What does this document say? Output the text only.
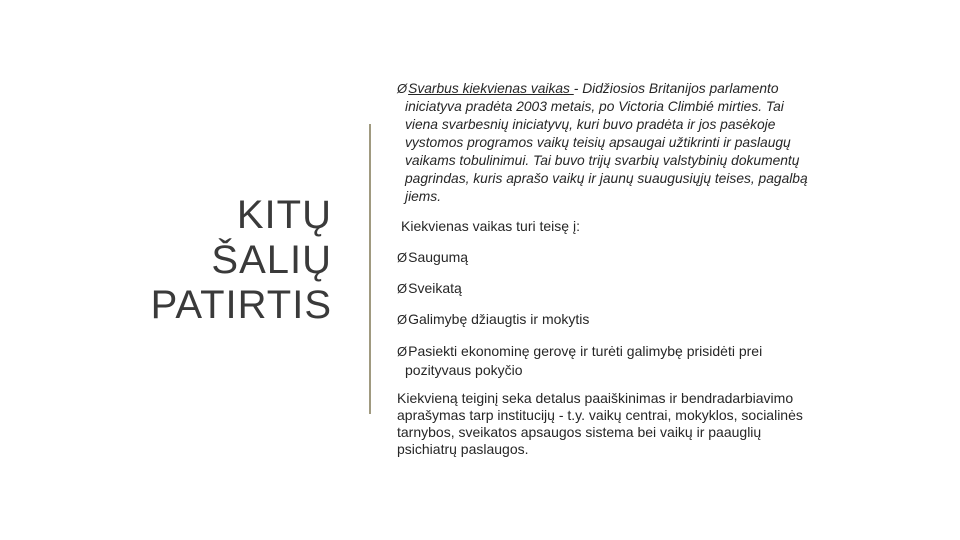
KITŲ
ŠALIŲ
PATIRTIS
ØSvarbus kiekvienas vaikas - Didžiosios Britanijos parlamento
iniciatyva pradėta 2003 metais, po Victoria Climbié mirties. Tai
viena svarbesnių iniciatyvų, kuri buvo pradėta ir jos pasėkoje
vystomos programos vaikų teisių apsaugai užtikrinti ir paslaugų
vaikams tobulinimui. Tai buvo trijų svarbių valstybinių dokumentų
pagrindas, kuris aprašo vaikų ir jaunų suaugusiųjų teises, pagalbą
jiems.
Kiekvienas vaikas turi teisę į:
ØSaugumą
ØSveikatą
ØGalimybę džiaugtis ir mokytis
ØPasiekti ekonominę gerovę ir turėti galimybę prisidėti prei
pozityvaus pokyčio
Kiekvieną teiginį seka detalus paaiškinimas ir bendradarbiavimo
aprašymas tarp institucijų - t.y. vaikų centrai, mokyklos, socialinės
tarnybos, sveikatos apsaugos sistema bei vaikų ir paauglių
psichiatrų paslaugos.
